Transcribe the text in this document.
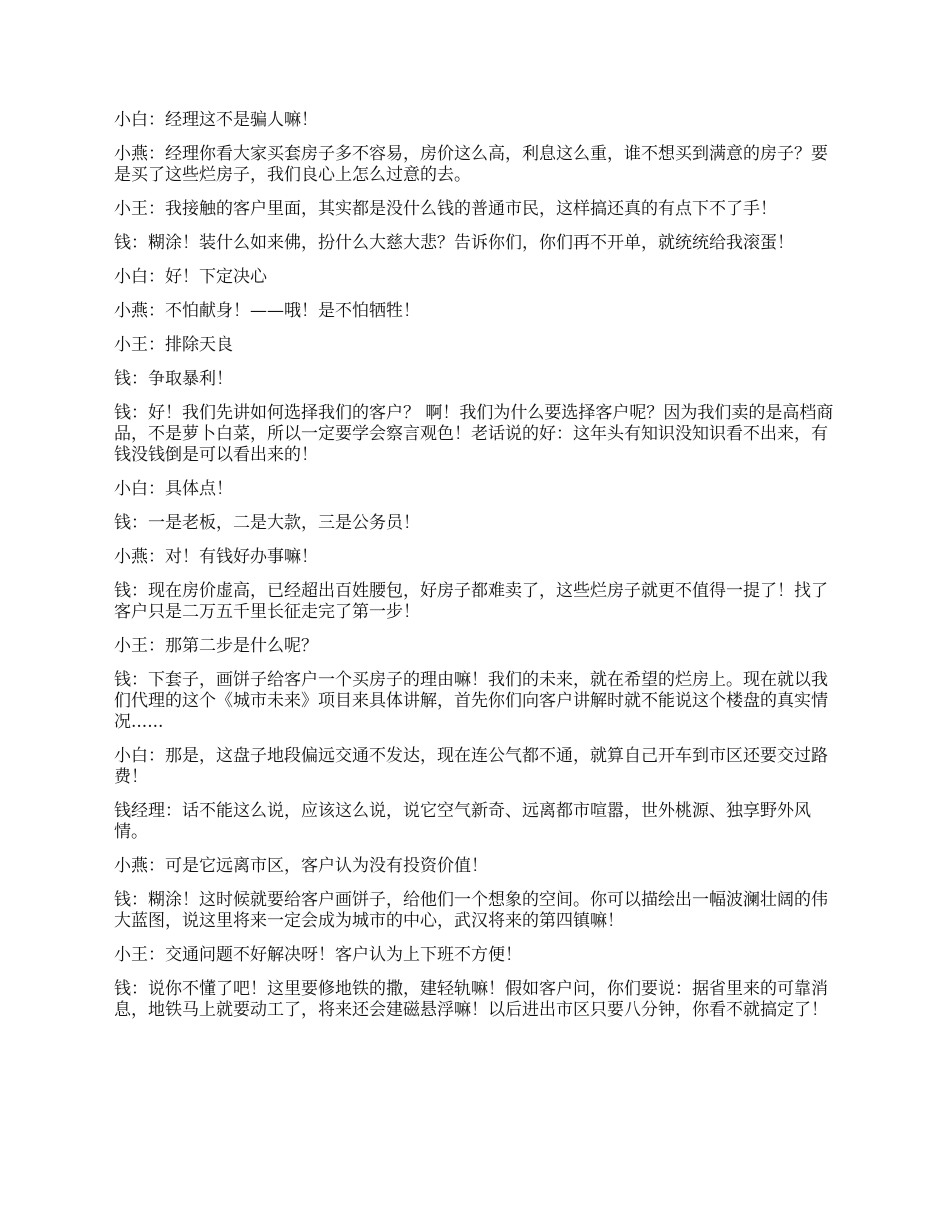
小白：经理这不是骗人嘛！

小燕：经理你看大家买套房子多不容易，房价这么高，利息这么重，谁不想买到满意的房子？要是买了这些烂房子，我们良心上怎么过意的去。

小王：我接触的客户里面，其实都是没什么钱的普通市民，这样搞还真的有点下不了手！

钱：糊涂！装什么如来佛，扮什么大慈大悲？告诉你们，你们再不开单，就统统给我滚蛋！

小白：好！下定决心

小燕：不怕献身！——哦！是不怕牺牲！

小王：排除天良

钱：争取暴利！

钱：好！我们先讲如何选择我们的客户？ 啊！我们为什么要选择客户呢？因为我们卖的是高档商品，不是萝卜白菜，所以一定要学会察言观色！老话说的好：这年头有知识没知识看不出来，有钱没钱倒是可以看出来的！

小白：具体点！

钱：一是老板，二是大款，三是公务员！

小燕：对！有钱好办事嘛！

钱：现在房价虚高，已经超出百姓腰包，好房子都难卖了，这些烂房子就更不值得一提了！找了客户只是二万五千里长征走完了第一步！

小王：那第二步是什么呢？

钱：下套子，画饼子给客户一个买房子的理由嘛！我们的未来，就在希望的烂房上。现在就以我们代理的这个《城市未来》项目来具体讲解，首先你们向客户讲解时就不能说这个楼盘的真实情况......

小白：那是，这盘子地段偏远交通不发达，现在连公气都不通，就算自己开车到市区还要交过路费！

钱经理：话不能这么说，应该这么说，说它空气新奇、远离都市喧嚣，世外桃源、独享野外风情。

小燕：可是它远离市区，客户认为没有投资价值！

钱：糊涂！这时候就要给客户画饼子，给他们一个想象的空间。你可以描绘出一幅波澜壮阔的伟大蓝图，说这里将来一定会成为城市的中心，武汉将来的第四镇嘛！

小王：交通问题不好解决呀！客户认为上下班不方便！

钱：说你不懂了吧！这里要修地铁的撒，建轻轨嘛！假如客户问，你们要说：据省里来的可靠消息，地铁马上就要动工了，将来还会建磁悬浮嘛！以后进出市区只要八分钟，你看不就搞定了！
